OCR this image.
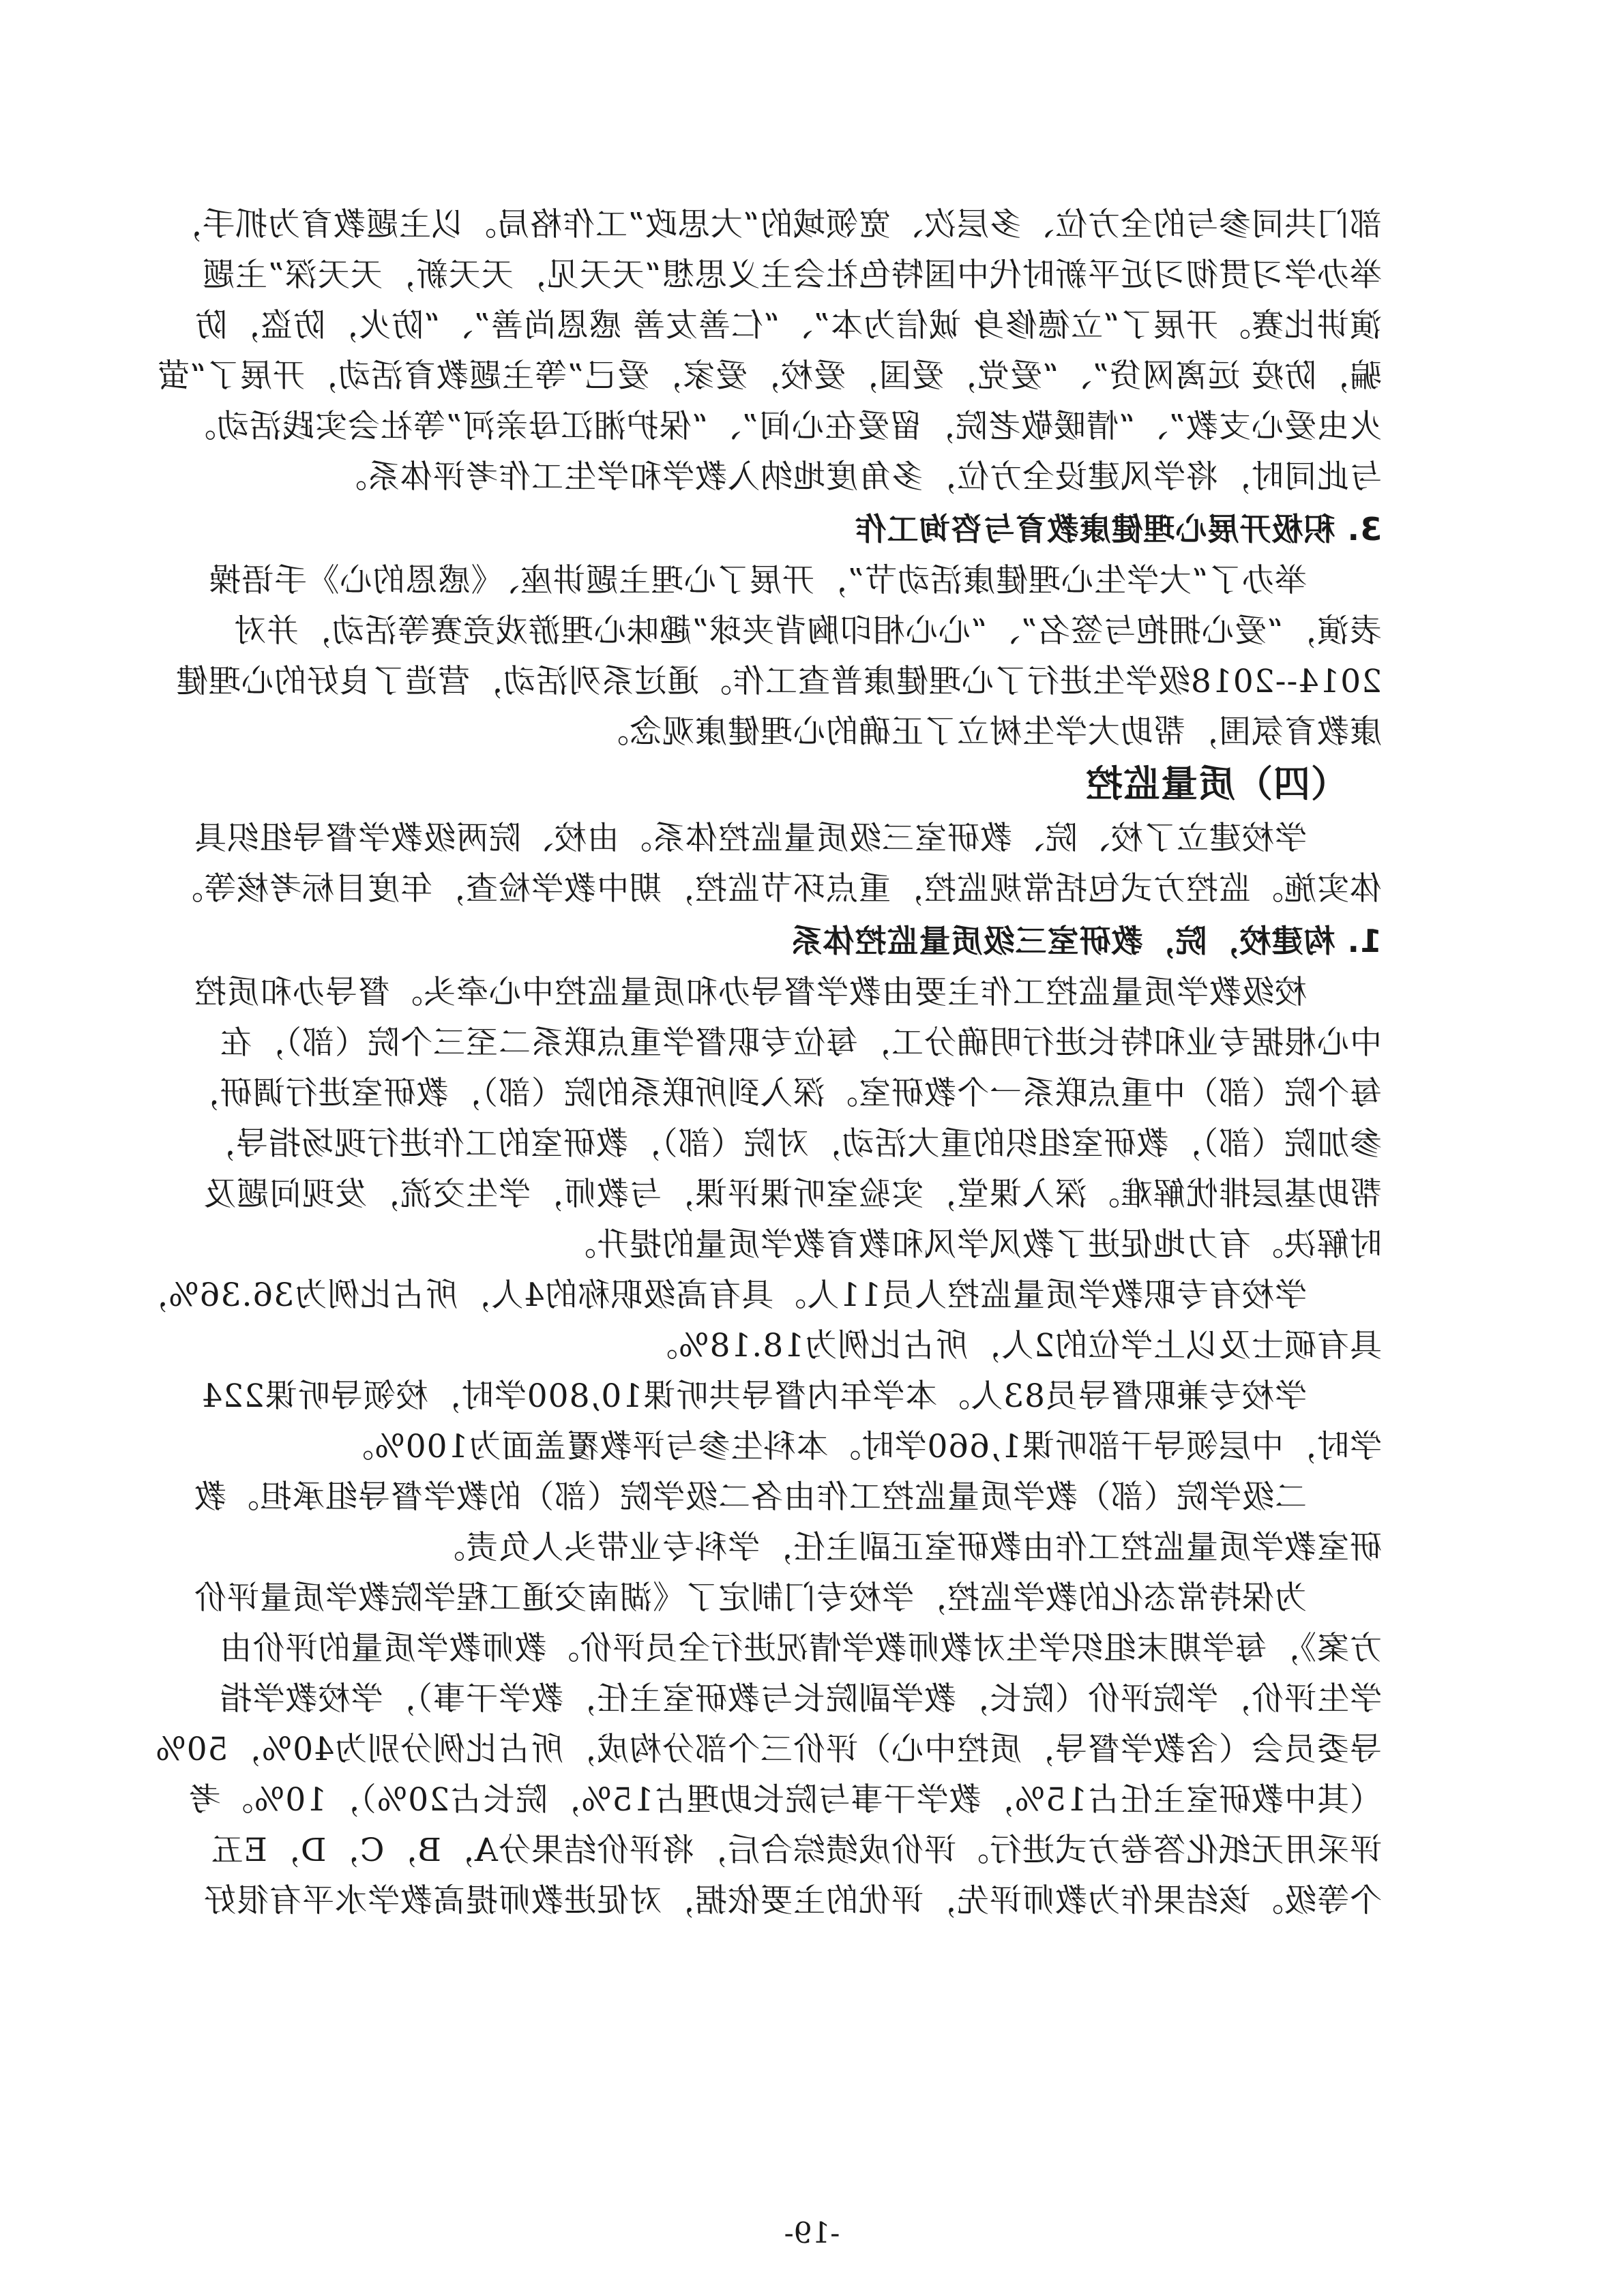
部门共同参与的全方位、多层次、宽领域的“大思政”工作格局。以主题教育为抓手，
举办学习贯彻习近平新时代中国特色社会主义思想“天天见，天天新，天天深”主题
演讲比赛。开展了“立德修身 诚信为本”、“仁善友善 感恩尚善”、“防火，防盗，防
骗，防疫 远离网贷”、“爱党，爱国，爱校，爱家，爱己”等主题教育活动，开展了“萤
火虫爱心支教”、“情暖敬老院，留爱在心间”、“保护湘江母亲河”等社会实践活动。
与此同时，将学风建设全方位，多角度地纳入教学和学生工作考评体系。
3. 积极开展心理健康教育与咨询工作
举办了“大学生心理健康活动节”，开展了心理主题讲座、《感恩的心》手语操
表演，“爱心拥抱与签名”、“心心相印胸背夹球”趣味心理游戏竞赛等活动，并对
2014--2018级学生进行了心理健康普查工作。通过系列活动，营造了良好的心理健
康教育氛围，帮助大学生树立了正确的心理健康观念。
（四）质量监控
学校建立了校、院、教研室三级质量监控体系。由校、院两级教学督导组织具
体实施。监控方式包括常规监控，重点环节监控，期中教学检查，年度目标考核等。
1. 构建校，院，教研室三级质量监控体系
校级教学质量监控工作主要由教学督导办和质量监控中心牵头。督导办和质控
中心根据专业和特长进行明确分工，每位专职督学重点联系二至三个院（部），在
每个院（部）中重点联系一个教研室。深入到所联系的院（部），教研室进行调研，
参加院（部），教研室组织的重大活动，对院（部），教研室的工作进行现场指导，
帮助基层排忧解难。深入课堂，实验室听课评课，与教师，学生交流，发现问题及
时解决。有力地促进了教风学风和教育教学质量的提升。
学校有专职教学质量监控人员11人。具有高级职称的4人，所占比例为36.36%，
具有硕士及以上学位的2人，所占比例为18.18%。
学校专兼职督导员83人。本学年内督导共听课10,800学时，校领导听课224
学时，中层领导干部听课1,660学时。本科生参与评教覆盖面为100%。
二级学院（部）教学质量监控工作由各二级学院（部）的教学督导组承担。教
研室教学质量监控工作由教研室正副主任，学科专业带头人负责。
为保持常态化的教学监控，学校专门制定了《湖南交通工程学院教学质量评价
方案》，每学期末组织学生对教师教学情况进行全员评价。教师教学质量的评价由
学生评价，学院评价（院长，教学副院长与教研室主任，教学干事），学校教学指
导委员会（含教学督导，质控中心）评价三个部分构成，所占比例分别为40%，50%
（其中教研室主任占15%，教学干事与院长助理占15%，院长占20%），10%。考
评采用无纸化答卷方式进行。评价成绩综合后，将评价结果分A，B，C，D，E五
个等级。该结果作为教师评先，评优的主要依据，对促进教师提高教学水平有很好
-19-
